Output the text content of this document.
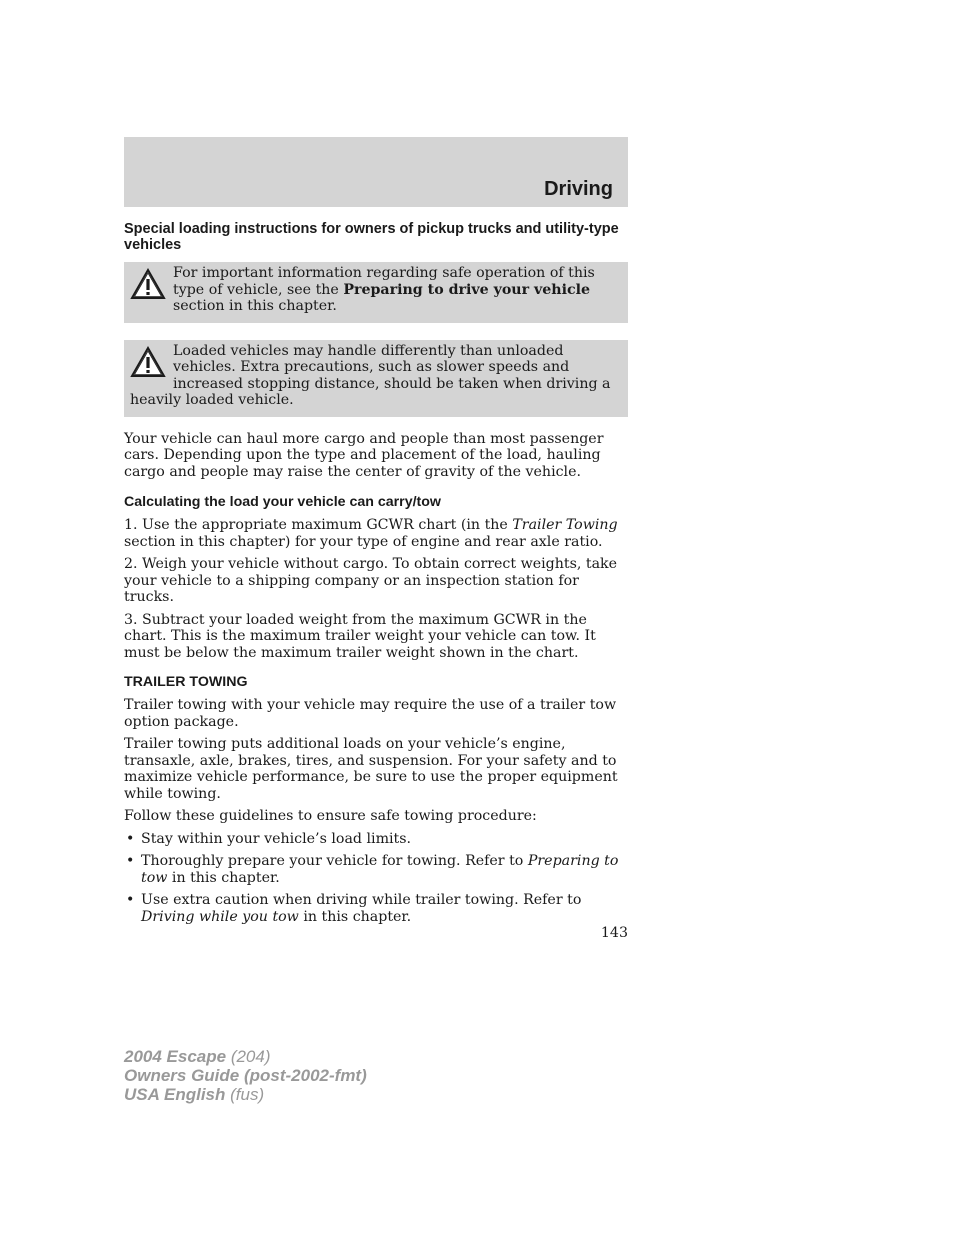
Driving
Special loading instructions for owners of pickup trucks and utility-type vehicles
For important information regarding safe operation of this type of vehicle, see the Preparing to drive your vehicle section in this chapter.
Loaded vehicles may handle differently than unloaded vehicles. Extra precautions, such as slower speeds and increased stopping distance, should be taken when driving a heavily loaded vehicle.

Your vehicle can haul more cargo and people than most passenger cars. Depending upon the type and placement of the load, hauling cargo and people may raise the center of gravity of the vehicle.

Calculating the load your vehicle can carry/tow

1. Use the appropriate maximum GCWR chart (in the Trailer Towing section in this chapter) for your type of engine and rear axle ratio.

2. Weigh your vehicle without cargo. To obtain correct weights, take your vehicle to a shipping company or an inspection station for trucks.

3. Subtract your loaded weight from the maximum GCWR in the chart. This is the maximum trailer weight your vehicle can tow. It must be below the maximum trailer weight shown in the chart.

TRAILER TOWING

Trailer towing with your vehicle may require the use of a trailer tow option package.

Trailer towing puts additional loads on your vehicle’s engine, transaxle, axle, brakes, tires, and suspension. For your safety and to maximize vehicle performance, be sure to use the proper equipment while towing.

Follow these guidelines to ensure safe towing procedure:

• Stay within your vehicle’s load limits.
• Thoroughly prepare your vehicle for towing. Refer to Preparing to tow in this chapter.
• Use extra caution when driving while trailer towing. Refer to Driving while you tow in this chapter.
143
2004 Escape (204)
Owners Guide (post-2002-fmt)
USA English (fus)
